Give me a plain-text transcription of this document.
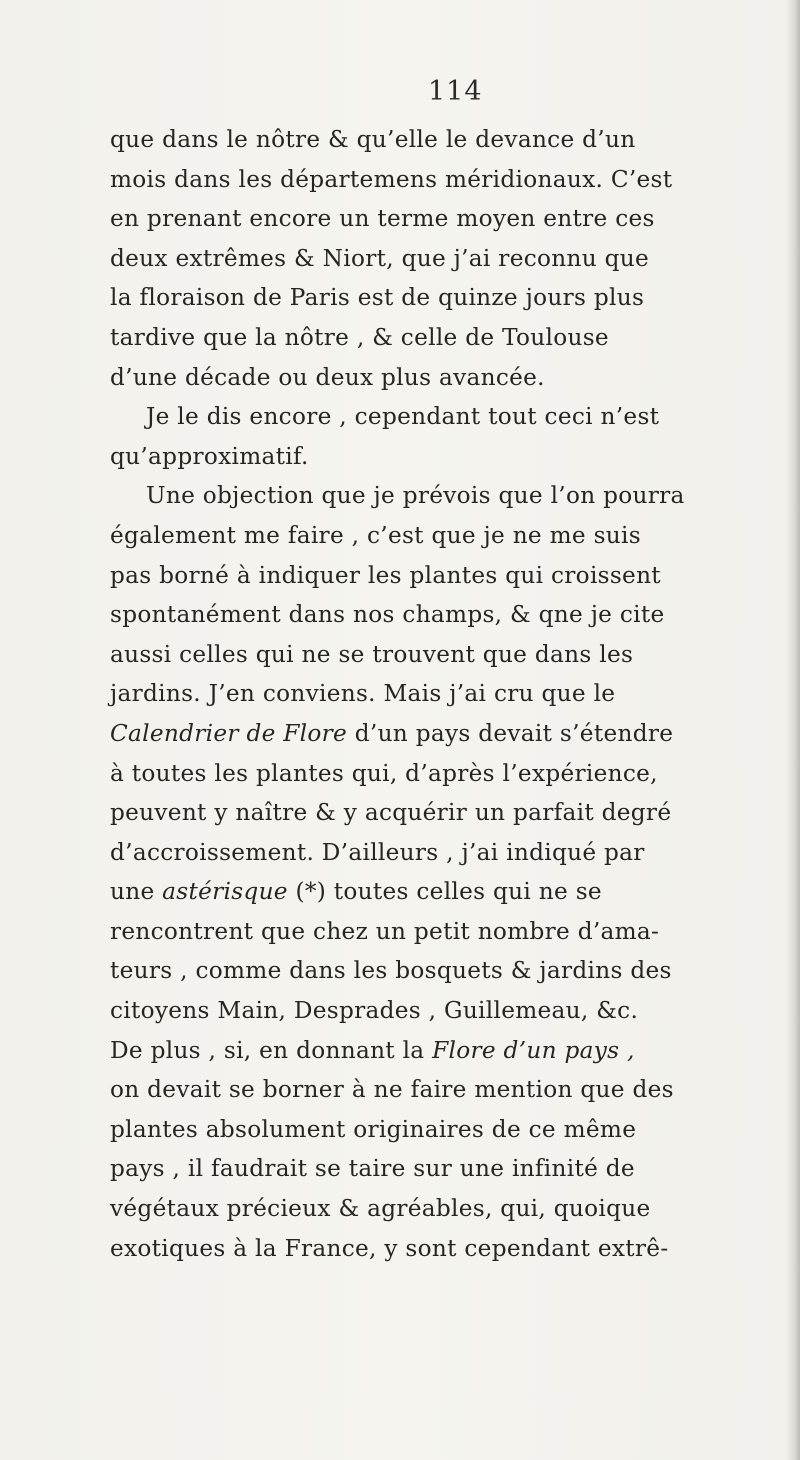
114
que dans le nôtre & qu’elle le devance d’un
mois dans les départemens méridionaux. C’est
en prenant encore un terme moyen entre ces
deux extrêmes & Niort, que j’ai reconnu que
la floraison de Paris est de quinze jours plus
tardive que la nôtre , & celle de Toulouse
d’une décade ou deux plus avancée.
Je le dis encore , cependant tout ceci n’est
qu’approximatif.
Une objection que je prévois que l’on pourra
également me faire , c’est que je ne me suis
pas borné à indiquer les plantes qui croissent
spontanément dans nos champs, & qne je cite
aussi celles qui ne se trouvent que dans les
jardins. J’en conviens. Mais j’ai cru que le
Calendrier de Flore d’un pays devait s’étendre
à toutes les plantes qui, d’après l’expérience,
peuvent y naître & y acquérir un parfait degré
d’accroissement. D’ailleurs , j’ai indiqué par
une astérisque (*) toutes celles qui ne se
rencontrent que chez un petit nombre d’ama-
teurs , comme dans les bosquets & jardins des
citoyens Main, Desprades , Guillemeau, &c.
De plus , si, en donnant la Flore d’un pays ,
on devait se borner à ne faire mention que des
plantes absolument originaires de ce même
pays , il faudrait se taire sur une infinité de
végétaux précieux & agréables, qui, quoique
exotiques à la France, y sont cependant extrê-
